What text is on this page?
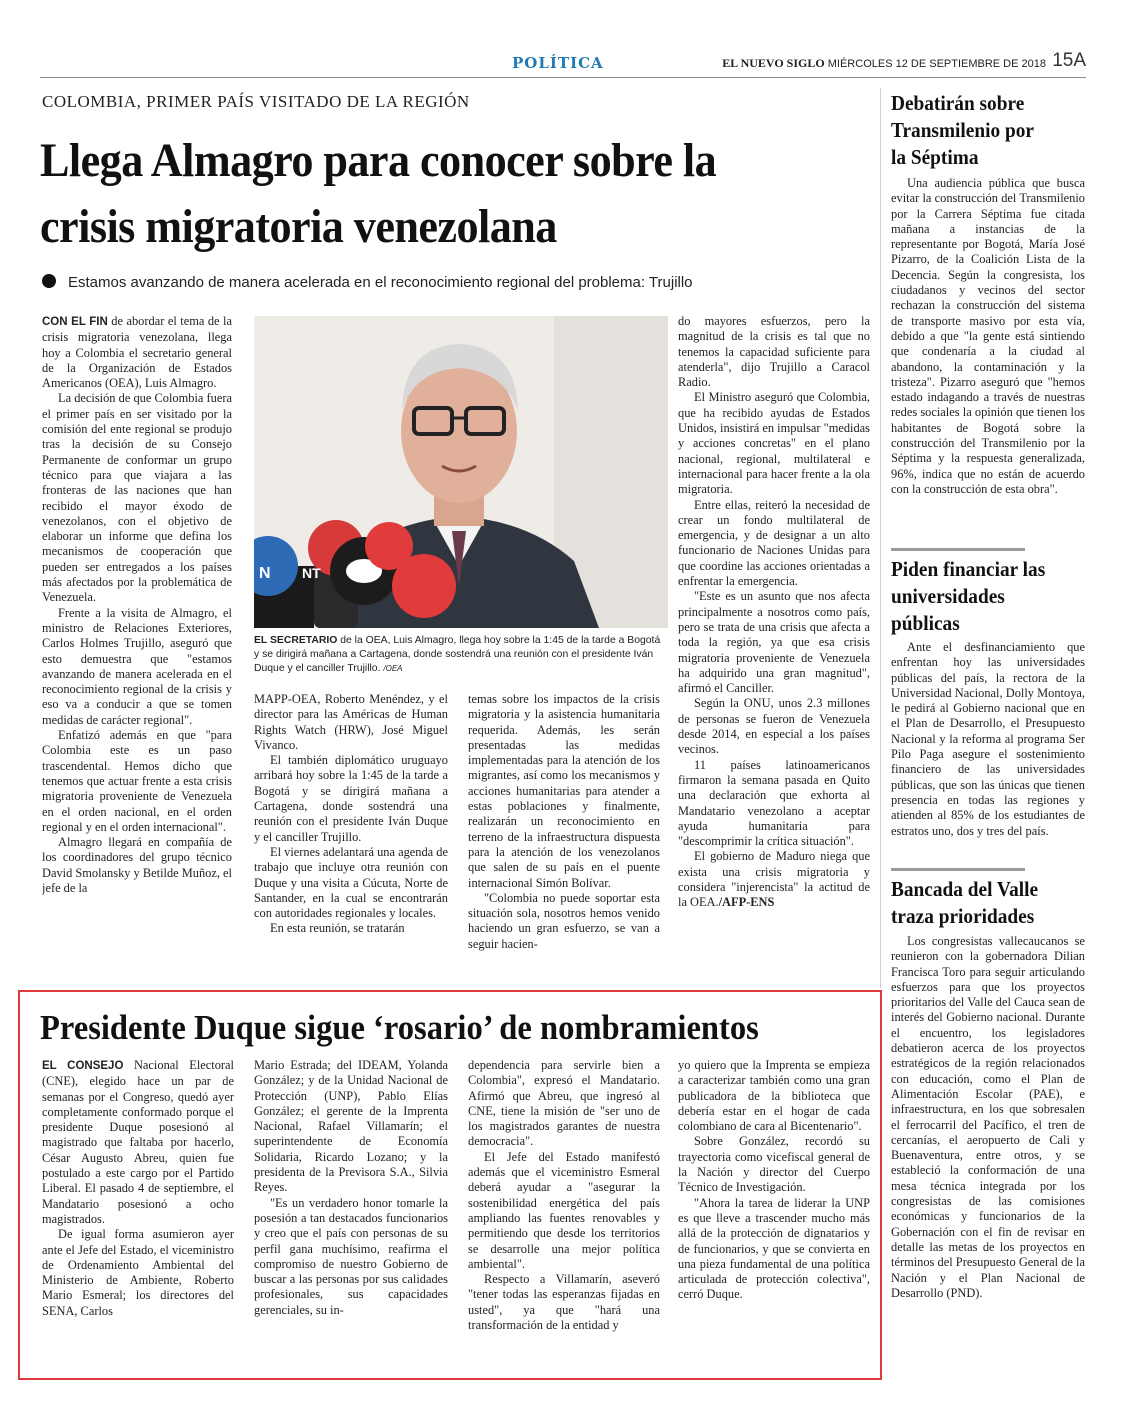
POLÍTICA	EL NUEVO SIGLO MIÉRCOLES 12 DE SEPTIEMBRE DE 2018 15A
COLOMBIA, PRIMER PAÍS VISITADO DE LA REGIÓN
Llega Almagro para conocer sobre la crisis migratoria venezolana
Estamos avanzando de manera acelerada en el reconocimiento regional del problema: Trujillo

CON EL FIN de abordar el tema de la crisis migratoria venezolana, llega hoy a Colombia el secretario general de la Organización de Estados Americanos (OEA), Luis Almagro.

La decisión de que Colombia fuera el primer país en ser visitado por la comisión del ente regional se produjo tras la decisión de su Consejo Permanente de conformar un grupo técnico para que viajara a las fronteras de las naciones que han recibido el mayor éxodo de venezolanos, con el objetivo de elaborar un informe que defina los mecanismos de cooperación que pueden ser entregados a los países más afectados por la problemática de Venezuela.

Frente a la visita de Almagro, el ministro de Relaciones Exteriores, Carlos Holmes Trujillo, aseguró que esto demuestra que "estamos avanzando de manera acelerada en el reconocimiento regional de la crisis y eso va a conducir a que se tomen medidas de carácter regional".

Enfatizó además en que "para Colombia este es un paso trascendental. Hemos dicho que tenemos que actuar frente a esta crisis migratoria proveniente de Venezuela en el orden nacional, en el orden regional y en el orden internacional".

Almagro llegará en compañía de los coordinadores del grupo técnico David Smolansky y Betilde Muñoz, el jefe de la

N NT
EL SECRETARIO de la OEA, Luis Almagro, llega hoy sobre la 1:45 de la tarde a Bogotá y se dirigirá mañana a Cartagena, donde sostendrá una reunión con el presidente Iván Duque y el canciller Trujillo. /OEA

MAPP-OEA, Roberto Menéndez, y el director para las Américas de Human Rights Watch (HRW), José Miguel Vivanco.

El también diplomático uruguayo arribará hoy sobre la 1:45 de la tarde a Bogotá y se dirigirá mañana a Cartagena, donde sostendrá una reunión con el presidente Iván Duque y el canciller Trujillo.

El viernes adelantará una agenda de trabajo que incluye otra reunión con Duque y una visita a Cúcuta, Norte de Santander, en la cual se encontrarán con autoridades regionales y locales.

En esta reunión, se tratarán

temas sobre los impactos de la crisis migratoria y la asistencia humanitaria requerida. Además, les serán presentadas las medidas implementadas para la atención de los migrantes, así como los mecanismos y acciones humanitarias para atender a estas poblaciones y finalmente, realizarán un reconocimiento en terreno de la infraestructura dispuesta para la atención de los venezolanos que salen de su país en el puente internacional Simón Bolívar.

"Colombia no puede soportar esta situación sola, nosotros hemos venido haciendo un gran esfuerzo, se van a seguir hacien-

do mayores esfuerzos, pero la magnitud de la crisis es tal que no tenemos la capacidad suficiente para atenderla", dijo Trujillo a Caracol Radio.

El Ministro aseguró que Colombia, que ha recibido ayudas de Estados Unidos, insistirá en impulsar "medidas y acciones concretas" en el plano nacional, regional, multilateral e internacional para hacer frente a la ola migratoria.

Entre ellas, reiteró la necesidad de crear un fondo multilateral de emergencia, y de designar a un alto funcionario de Naciones Unidas para que coordine las acciones orientadas a enfrentar la emergencia.

"Este es un asunto que nos afecta principalmente a nosotros como país, pero se trata de una crisis que afecta a toda la región, ya que esa crisis migratoria proveniente de Venezuela ha adquirido una gran magnitud", afirmó el Canciller.

Según la ONU, unos 2.3 millones de personas se fueron de Venezuela desde 2014, en especial a los países vecinos.

11 países latinoamericanos firmaron la semana pasada en Quito una declaración que exhorta al Mandatario venezolano a aceptar ayuda humanitaria para "descomprimir la crítica situación".

El gobierno de Maduro niega que exista una crisis migratoria y considera "injerencista" la actitud de la OEA./AFP-ENS

Presidente Duque sigue ‘rosario’ de nombramientos

EL CONSEJO Nacional Electoral (CNE), elegido hace un par de semanas por el Congreso, quedó ayer completamente conformado porque el presidente Duque posesionó al magistrado que faltaba por hacerlo, César Augusto Abreu, quien fue postulado a este cargo por el Partido Liberal. El pasado 4 de septiembre, el Mandatario posesionó a ocho magistrados.

De igual forma asumieron ayer ante el Jefe del Estado, el viceministro de Ordenamiento Ambiental del Ministerio de Ambiente, Roberto Mario Esmeral; los directores del SENA, Carlos

Mario Estrada; del IDEAM, Yolanda González; y de la Unidad Nacional de Protección (UNP), Pablo Elías González; el gerente de la Imprenta Nacional, Rafael Villamarín; el superintendente de Economía Solidaria, Ricardo Lozano; y la presidenta de la Previsora S.A., Silvia Reyes.

"Es un verdadero honor tomarle la posesión a tan destacados funcionarios y creo que el país con personas de su perfil gana muchísimo, reafirma el compromiso de nuestro Gobierno de buscar a las personas por sus calidades profesionales, sus capacidades gerenciales, su in-

dependencia para servirle bien a Colombia", expresó el Mandatario. Afirmó que Abreu, que ingresó al CNE, tiene la misión de "ser uno de los magistrados garantes de nuestra democracia".

El Jefe del Estado manifestó además que el viceministro Esmeral deberá ayudar a "asegurar la sostenibilidad energética del país ampliando las fuentes renovables y permitiendo que desde los territorios se desarrolle una mejor política ambiental".

Respecto a Villamarín, aseveró "tener todas las esperanzas fijadas en usted", ya que "hará una transformación de la entidad y

yo quiero que la Imprenta se empieza a caracterizar también como una gran publicadora de la biblioteca que debería estar en el hogar de cada colombiano de cara al Bicentenario".

Sobre González, recordó su trayectoria como vicefiscal general de la Nación y director del Cuerpo Técnico de Investigación.

"Ahora la tarea de liderar la UNP es que lleve a trascender mucho más allá de la protección de dignatarios y de funcionarios, y que se convierta en una pieza fundamental de una política articulada de protección colectiva", cerró Duque.

Debatirán sobre Transmilenio por la Séptima

Una audiencia pública que busca evitar la construcción del Transmilenio por la Carrera Séptima fue citada mañana a instancias de la representante por Bogotá, María José Pizarro, de la Coalición Lista de la Decencia. Según la congresista, los ciudadanos y vecinos del sector rechazan la construcción del sistema de transporte masivo por esta vía, debido a que "la gente está sintiendo que condenaría a la ciudad al abandono, la contaminación y la tristeza". Pizarro aseguró que "hemos estado indagando a través de nuestras redes sociales la opinión que tienen los habitantes de Bogotá sobre la construcción del Transmilenio por la Séptima y la respuesta generalizada, 96%, indica que no están de acuerdo con la construcción de esta obra".

Piden financiar las universidades públicas

Ante el desfinanciamiento que enfrentan hoy las universidades públicas del país, la rectora de la Universidad Nacional, Dolly Montoya, le pedirá al Gobierno nacional que en el Plan de Desarrollo, el Presupuesto Nacional y la reforma al programa Ser Pilo Paga asegure el sostenimiento financiero de las universidades públicas, que son las únicas que tienen presencia en todas las regiones y atienden al 85% de los estudiantes de estratos uno, dos y tres del país.

Bancada del Valle traza prioridades

Los congresistas vallecaucanos se reunieron con la gobernadora Dilian Francisca Toro para seguir articulando esfuerzos para que los proyectos prioritarios del Valle del Cauca sean de interés del Gobierno nacional. Durante el encuentro, los legisladores debatieron acerca de los proyectos estratégicos de la región relacionados con educación, como el Plan de Alimentación Escolar (PAE), e infraestructura, en los que sobresalen el ferrocarril del Pacífico, el tren de cercanías, el aeropuerto de Cali y Buenaventura, entre otros, y se estableció la conformación de una mesa técnica integrada por los congresistas de las comisiones económicas y funcionarios de la Gobernación con el fin de revisar en detalle las metas de los proyectos en términos del Presupuesto General de la Nación y el Plan Nacional de Desarrollo (PND).
